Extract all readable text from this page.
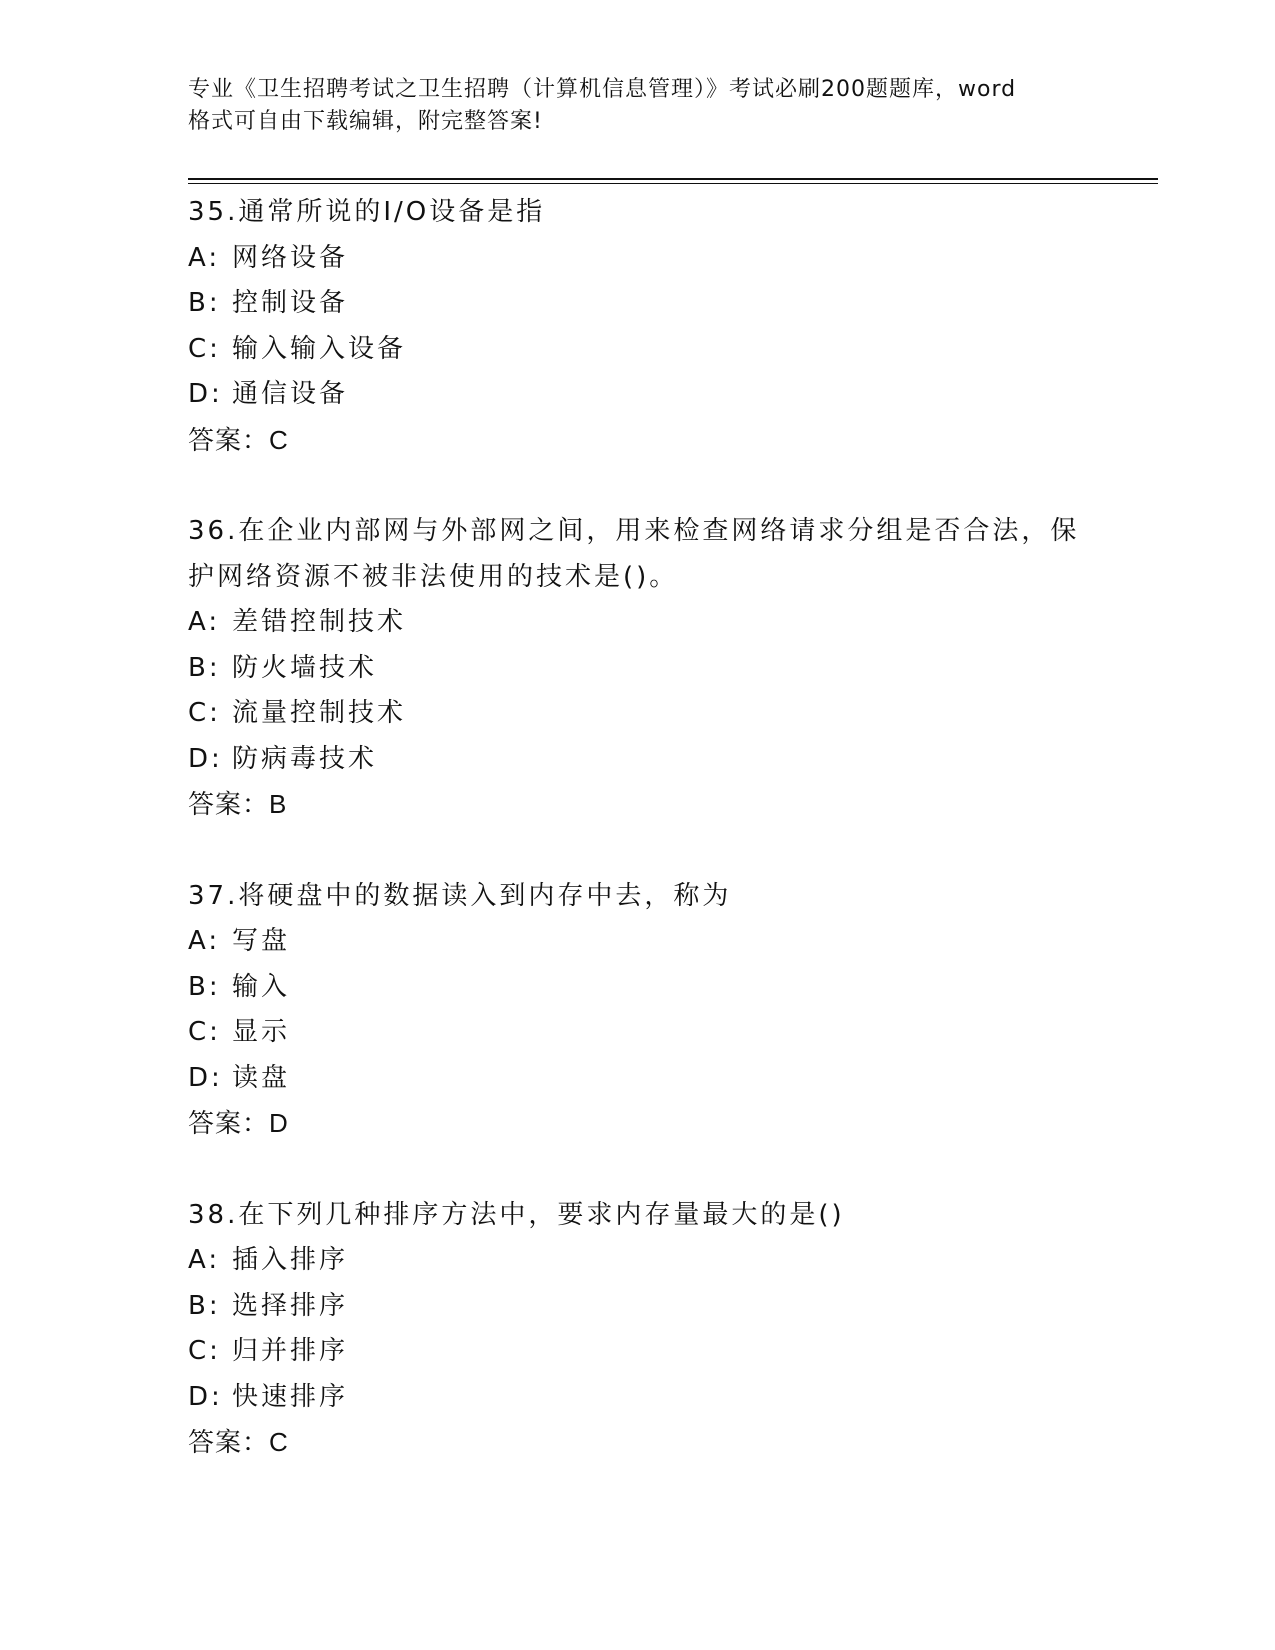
专业《卫生招聘考试之卫生招聘（计算机信息管理）》考试必刷200题题库，word
格式可自由下载编辑，附完整答案!
35.通常所说的I/O设备是指
A: 网络设备
B: 控制设备
C: 输入输入设备
D: 通信设备
答案：C
36.在企业内部网与外部网之间，用来检查网络请求分组是否合法，保
护网络资源不被非法使用的技术是()。
A: 差错控制技术
B: 防火墙技术
C: 流量控制技术
D: 防病毒技术
答案：B
37.将硬盘中的数据读入到内存中去，称为
A: 写盘
B: 输入
C: 显示
D: 读盘
答案：D
38.在下列几种排序方法中，要求内存量最大的是()
A: 插入排序
B: 选择排序
C: 归并排序
D: 快速排序
答案：C
